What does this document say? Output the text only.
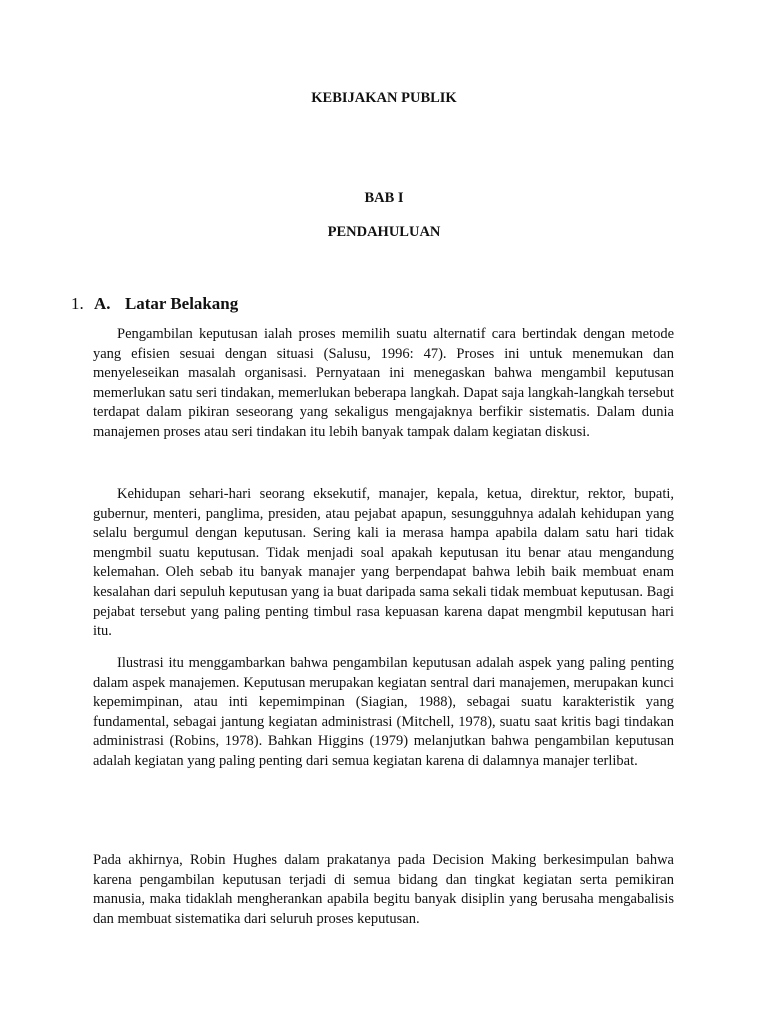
KEBIJAKAN PUBLIK
BAB I
PENDAHULUAN
1. A. Latar Belakang

Pengambilan keputusan ialah proses memilih suatu alternatif cara bertindak dengan metode yang efisien sesuai dengan situasi (Salusu, 1996: 47). Proses ini untuk menemukan dan menyeleseikan masalah organisasi. Pernyataan ini menegaskan bahwa mengambil keputusan memerlukan satu seri tindakan, memerlukan beberapa langkah. Dapat saja langkah-langkah tersebut terdapat dalam pikiran seseorang yang sekaligus mengajaknya berfikir sistematis. Dalam dunia manajemen proses atau seri tindakan itu lebih banyak tampak dalam kegiatan diskusi.

Kehidupan sehari-hari seorang eksekutif, manajer, kepala, ketua, direktur, rektor, bupati, gubernur, menteri, panglima, presiden, atau pejabat apapun, sesungguhnya adalah kehidupan yang selalu bergumul dengan keputusan. Sering kali ia merasa hampa apabila dalam satu hari tidak mengmbil suatu keputusan. Tidak menjadi soal apakah keputusan itu benar atau mengandung kelemahan. Oleh sebab itu banyak manajer yang berpendapat bahwa lebih baik membuat enam kesalahan dari sepuluh keputusan yang ia buat daripada sama sekali tidak membuat keputusan. Bagi pejabat tersebut yang paling penting timbul rasa kepuasan karena dapat mengmbil keputusan hari itu.

Ilustrasi itu menggambarkan bahwa pengambilan keputusan adalah aspek yang paling penting dalam aspek manajemen. Keputusan merupakan kegiatan sentral dari manajemen, merupakan kunci kepemimpinan, atau inti kepemimpinan (Siagian, 1988), sebagai suatu karakteristik yang fundamental, sebagai jantung kegiatan administrasi (Mitchell, 1978), suatu saat kritis bagi tindakan administrasi (Robins, 1978). Bahkan Higgins (1979) melanjutkan bahwa pengambilan keputusan adalah kegiatan yang paling penting dari semua kegiatan karena di dalamnya manajer terlibat.

Pada akhirnya, Robin Hughes dalam prakatanya pada Decision Making berkesimpulan bahwa karena pengambilan keputusan terjadi di semua bidang dan tingkat kegiatan serta pemikiran manusia, maka tidaklah mengherankan apabila begitu banyak disiplin yang berusaha mengabalisis dan membuat sistematika dari seluruh proses keputusan.
